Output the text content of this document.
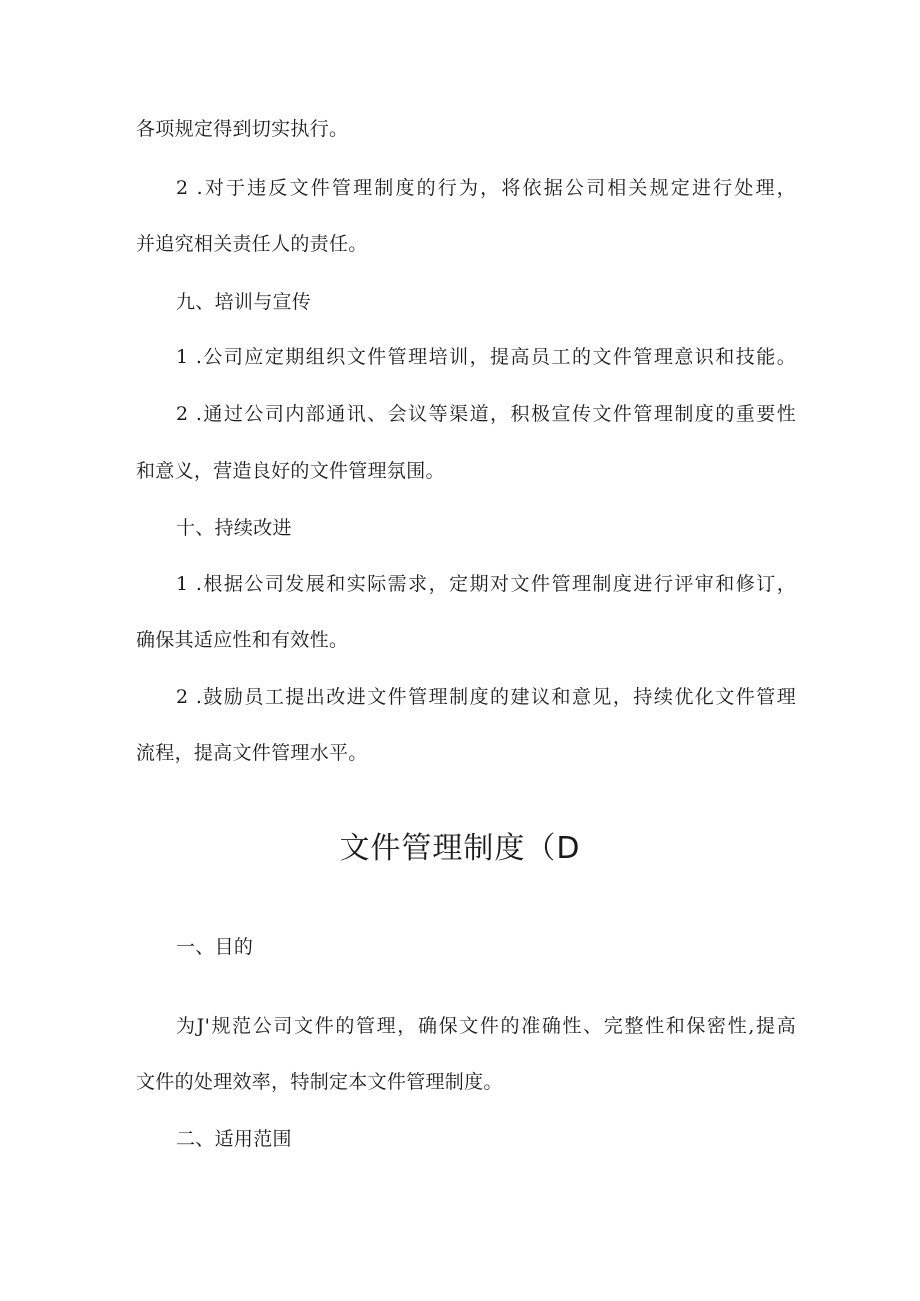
各项规定得到切实执行。
2 .对于违反文件管理制度的行为，将依据公司相关规定进行处理，
并追究相关责任人的责任。
九、培训与宣传
1 .公司应定期组织文件管理培训，提高员工的文件管理意识和技能。
2 .通过公司内部通讯、会议等渠道，积极宣传文件管理制度的重要性
和意义，营造良好的文件管理氛围。
十、持续改进
1 .根据公司发展和实际需求，定期对文件管理制度进行评审和修订，
确保其适应性和有效性。
2 .鼓励员工提出改进文件管理制度的建议和意见，持续优化文件管理
流程，提高文件管理水平。
文件管理制度（D
一、目的
为J'规范公司文件的管理，确保文件的准确性、完整性和保密性,提高
文件的处理效率，特制定本文件管理制度。
二、适用范围
